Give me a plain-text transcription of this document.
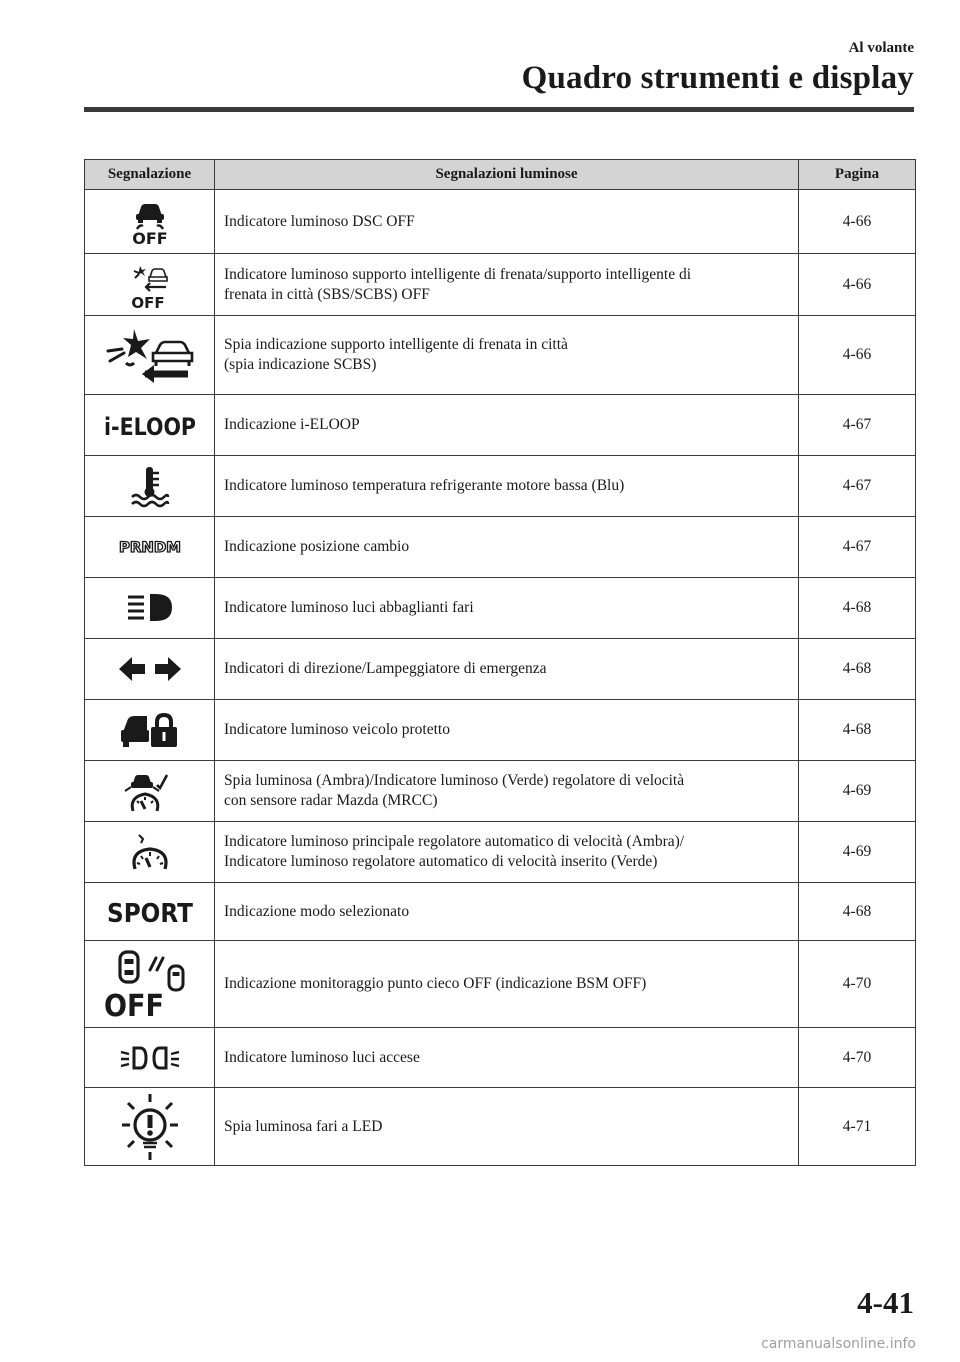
Al volante
Quadro strumenti e display
Segnalazione	Segnalazioni luminose	Pagina

OFF	Indicatore luminoso DSC OFF	4-66

OFF	Indicatore luminoso supporto intelligente di frenata/supporto intelligente di
frenata in città (SBS/SCBS) OFF	4-66

	Spia indicazione supporto intelligente di frenata in città
(spia indicazione SCBS)	4-66

i-ELOOP	Indicazione i-ELOOP	4-67

	Indicatore luminoso temperatura refrigerante motore bassa (Blu)	4-67

PRNDM	Indicazione posizione cambio	4-67

	Indicatore luminoso luci abbaglianti fari	4-68

	Indicatori di direzione/Lampeggiatore di emergenza	4-68

	Indicatore luminoso veicolo protetto	4-68

	Spia luminosa (Ambra)/Indicatore luminoso (Verde) regolatore di velocità
con sensore radar Mazda (MRCC)	4-69

	Indicatore luminoso principale regolatore automatico di velocità (Ambra)/
Indicatore luminoso regolatore automatico di velocità inserito (Verde)	4-69

SPORT	Indicazione modo selezionato	4-68

OFF	Indicazione monitoraggio punto cieco OFF (indicazione BSM OFF)	4-70

	Indicatore luminoso luci accese	4-70

	Spia luminosa fari a LED	4-71
4-41
carmanualsonline.info
